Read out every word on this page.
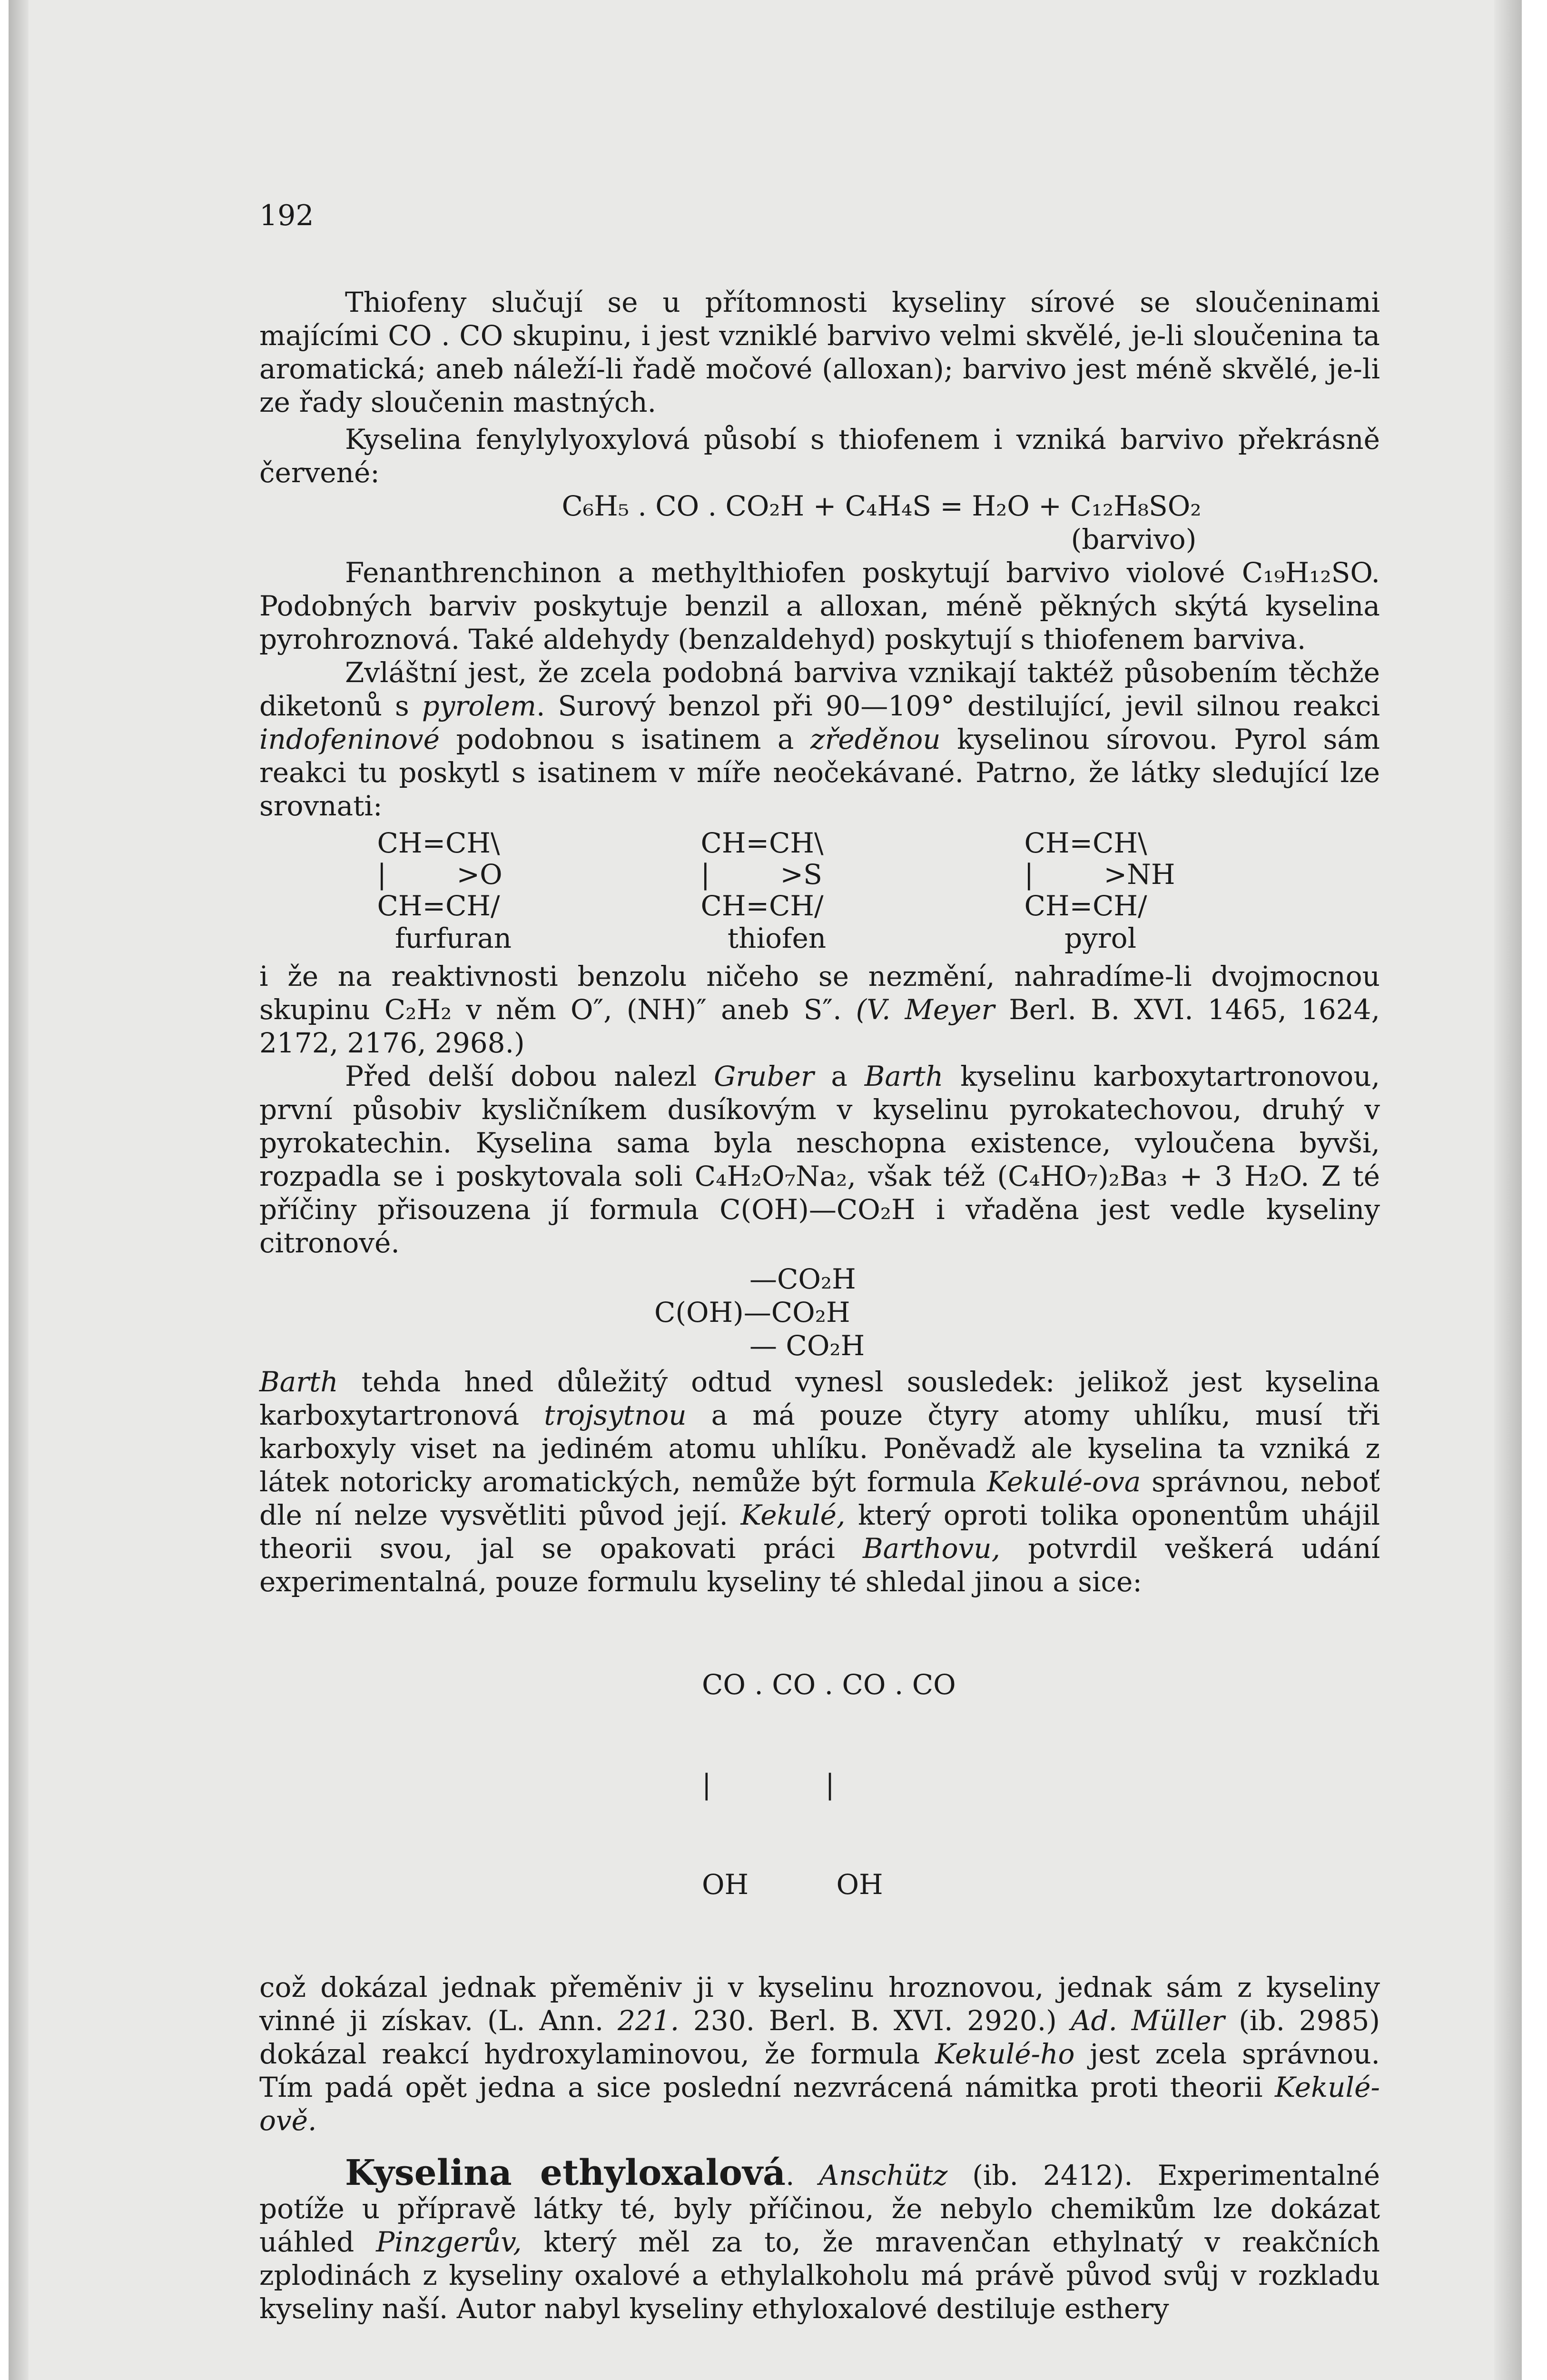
192

Thiofeny slučují se u přítomnosti kyseliny sírové se sloučeninami majícími CO . CO skupinu, i jest vzniklé barvivo velmi skvělé, je-li sloučenina ta aromatická; aneb náleží-li řadě močové (alloxan); barvivo jest méně skvělé, je-li ze řady sloučenin mastných.

Kyselina fenylylyoxylová působí s thiofenem i vzniká barvivo překrásně červené:

C₆H₅ . CO . CO₂H + C₄H₄S = H₂O + C₁₂H₈SO₂

(barvivo)

Fenanthrenchinon a methylthiofen poskytují barvivo violové C₁₉H₁₂SO. Podobných barviv poskytuje benzil a alloxan, méně pěkných skýtá kyselina pyrohroznová. Také aldehydy (benzaldehyd) poskytují s thiofenem barviva.

Zvláštní jest, že zcela podobná barviva vznikají taktéž působením těchže diketonů s pyrolem. Surový benzol při 90—109° destilující, jevil silnou reakci indofeninové podobnou s isatinem a zředěnou kyselinou sírovou. Pyrol sám reakci tu poskytl s isatinem v míře neočekávané. Patrno, že látky sledující lze srovnati:

CH=CH\
|        >O
CH=CH/
furfuran
CH=CH\
|        >S
CH=CH/
thiofen
CH=CH\
|        >NH
CH=CH/
pyrol

i že na reaktivnosti benzolu ničeho se nezmění, nahradíme-li dvojmocnou skupinu C₂H₂ v něm O″, (NH)″ aneb S″. (V. Meyer Berl. B. XVI. 1465, 1624, 2172, 2176, 2968.)

Před delší dobou nalezl Gruber a Barth kyselinu karboxytartronovou, první působiv kysličníkem dusíkovým v kyselinu pyrokatechovou, druhý v pyrokatechin. Kyselina sama byla neschopna existence, vyloučena byvši, rozpadla se i poskytovala soli C₄H₂O₇Na₂, však též (C₄HO₇)₂Ba₃ + 3 H₂O. Z té příčiny přisouzena jí formula C(OH)—CO₂H i vřaděna jest vedle kyseliny citronové.

—CO₂H
C(OH)—CO₂H
— CO₂H

Barth tehda hned důležitý odtud vynesl sousledek: jelikož jest kyselina karboxytartronová trojsytnou a má pouze čtyry atomy uhlíku, musí tři karboxyly viset na jediném atomu uhlíku. Poněvadž ale kyselina ta vzniká z látek notoricky aromatických, nemůže být formula Kekulé-ova správnou, neboť dle ní nelze vysvětliti původ její. Kekulé, který oproti tolika oponentům uhájil theorii svou, jal se opakovati práci Barthovu, potvrdil veškerá udání experimentalná, pouze formulu kyseliny té shledal jinou a sice:

CO . CO . CO . CO

|             |

OH          OH

což dokázal jednak přeměniv ji v kyselinu hroznovou, jednak sám z kyseliny vinné ji získav. (L. Ann. 221. 230. Berl. B. XVI. 2920.) Ad. Müller (ib. 2985) dokázal reakcí hydroxylaminovou, že formula Kekulé-ho jest zcela správnou. Tím padá opět jedna a sice poslední nezvrácená námitka proti theorii Kekulé-ově.

Kyselina ethyloxalová. Anschütz (ib. 2412). Experimentalné potíže u přípravě látky té, byly příčinou, že nebylo chemikům lze dokázat uáhled Pinzgerův, který měl za to, že mravenčan ethylnatý v reakčních zplodinách z kyseliny oxalové a ethylalkoholu má právě původ svůj v rozkladu kyseliny naší. Autor nabyl kyseliny ethyloxalové destiluje esthery
